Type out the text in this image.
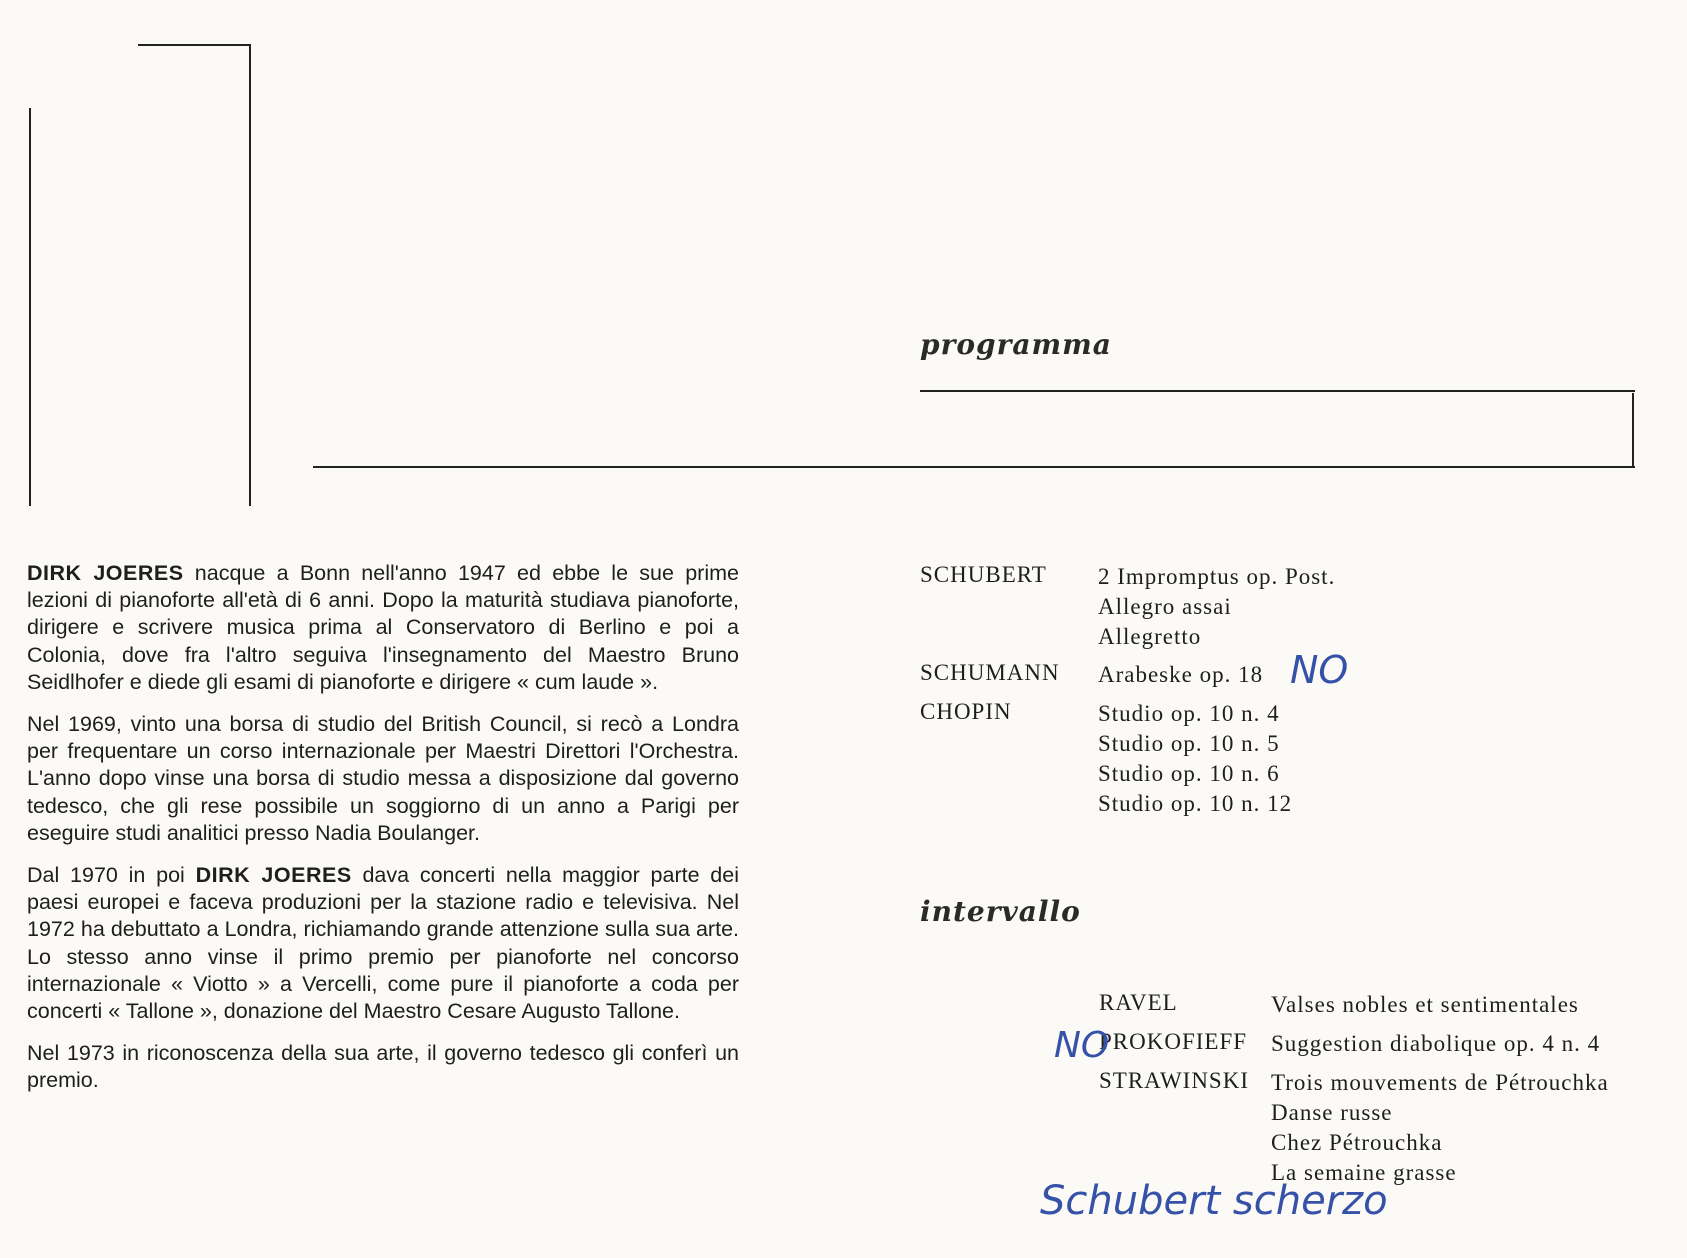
programma

DIRK JOERES nacque a Bonn nell'anno 1947 ed ebbe le sue prime lezioni di pianoforte all'età di 6 anni. Dopo la maturità studiava pianoforte, dirigere e scrivere musica prima al Conservatoro di Berlino e poi a Colonia, dove fra l'altro seguiva l'insegnamento del Maestro Bruno Seidlhofer e diede gli esami di pianoforte e dirigere « cum laude ».

Nel 1969, vinto una borsa di studio del British Council, si recò a Londra per frequentare un corso internazionale per Maestri Direttori l'Orchestra. L'anno dopo vinse una borsa di studio messa a disposizione dal governo tedesco, che gli rese possibile un soggiorno di un anno a Parigi per eseguire studi analitici presso Nadia Boulanger.

Dal 1970 in poi DIRK JOERES dava concerti nella maggior parte dei paesi europei e faceva produzioni per la stazione radio e televisiva. Nel 1972 ha debuttato a Londra, richiamando grande attenzione sulla sua arte. Lo stesso anno vinse il primo premio per pianoforte nel concorso internazionale « Viotto » a Vercelli, come pure il pianoforte a coda per concerti « Tallone », donazione del Maestro Cesare Augusto Tallone.

Nel 1973 in riconoscenza della sua arte, il governo tedesco gli conferì un premio.

SCHUBERT 2 Impromptus op. Post.
Allegro assai
Allegretto
SCHUMANN Arabeske op. 18
CHOPIN	Studio op. 10 n. 4
Studio op. 10 n. 5
Studio op. 10 n. 6
Studio op. 10 n. 12
intervallo
RAVEL	Valses nobles et sentimentales
PROKOFIEFF Suggestion diabolique op. 4 n. 4
STRAWINSKI Trois mouvements de Pétrouchka
Danse russe
Chez Pétrouchka
La semaine grasse
NO
NO
Schubert scherzo
